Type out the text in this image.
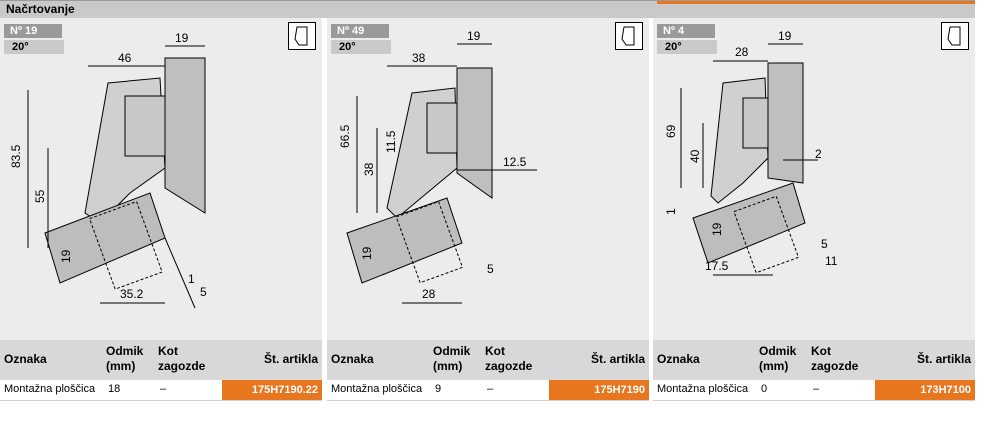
Načrtovanje
46
19
83.5
55
19
35.2
1
5
Nº 19
20°
Oznaka
Odmik
(mm)
Kot
zagozde	Št. artikla
Montažna ploščica 18	–	175H7190.22
38
19
66.5
38
11.5
12.5
19
5
28
Nº 49
20°
Oznaka
Odmik
(mm)
Kot
zagozde	Št. artikla
Montažna ploščica 9	–	175H7190
28
19
69
40	2
1
19
5
17.5	11
Nº 4
20°
Oznaka
Odmik
(mm)
Kot
zagozde	Št. artikla
Montažna ploščica 0	–	173H7100
